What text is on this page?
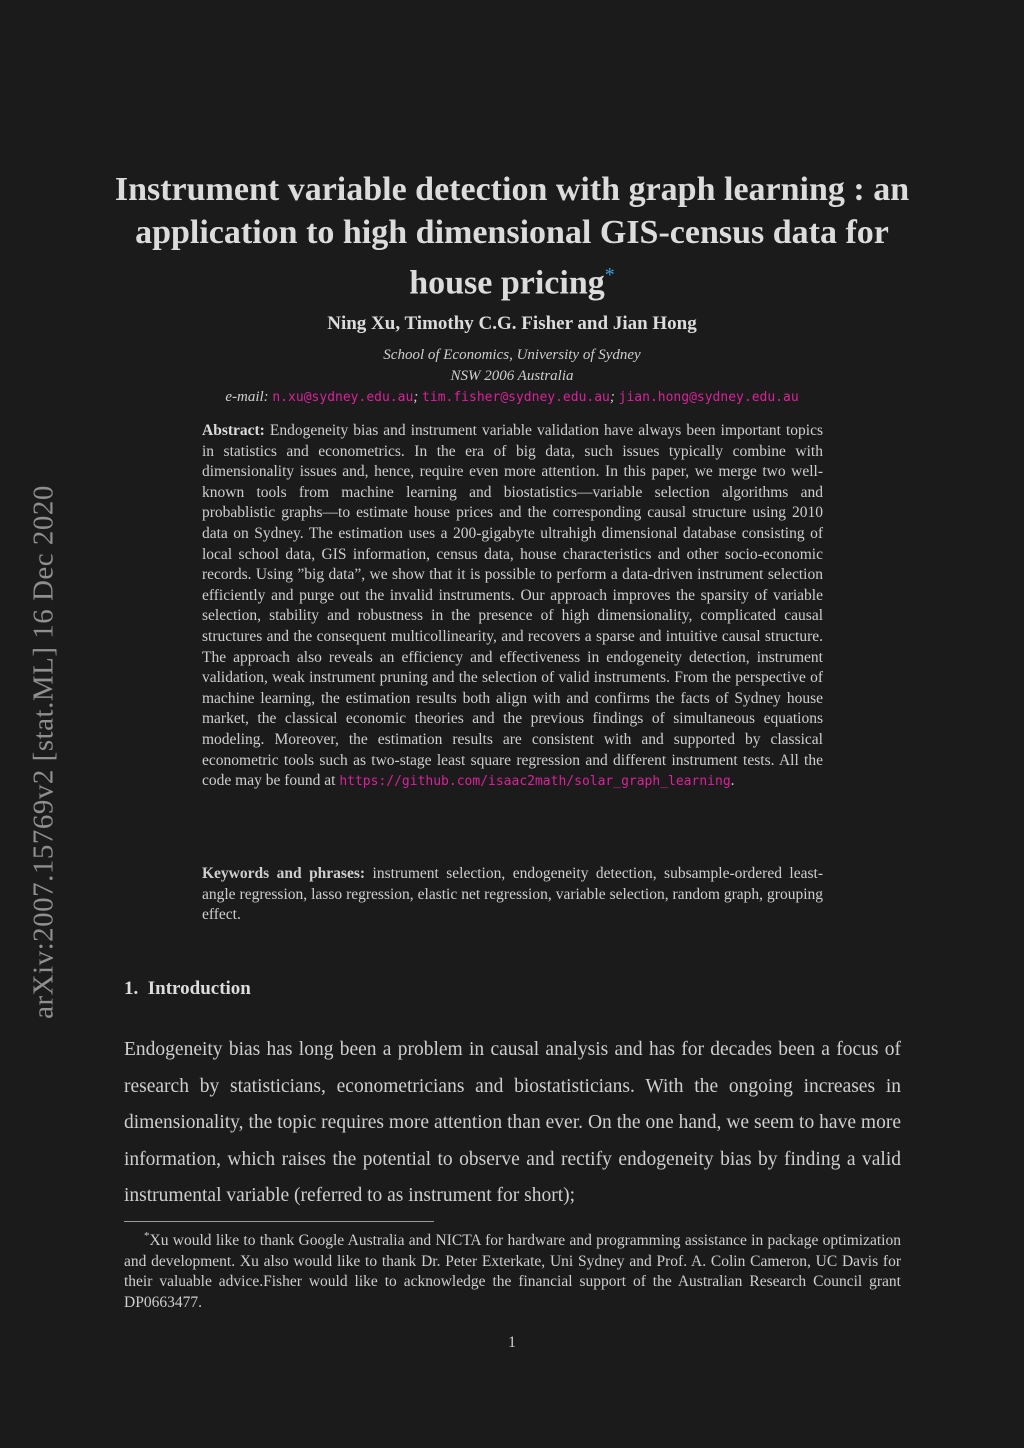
arXiv:2007.15769v2 [stat.ML] 16 Dec 2020
Instrument variable detection with graph learning : an application to high dimensional GIS-census data for house pricing*
Ning Xu, Timothy C.G. Fisher and Jian Hong
School of Economics, University of Sydney
NSW 2006 Australia
e-mail: n.xu@sydney.edu.au; tim.fisher@sydney.edu.au; jian.hong@sydney.edu.au

Abstract: Endogeneity bias and instrument variable validation have always been important topics in statistics and econometrics. In the era of big data, such issues typically combine with dimensionality issues and, hence, require even more attention. In this paper, we merge two well-known tools from machine learning and biostatistics—variable selection algorithms and probablistic graphs—to estimate house prices and the corresponding causal structure using 2010 data on Sydney. The estimation uses a 200-gigabyte ultrahigh dimensional database consisting of local school data, GIS information, census data, house characteristics and other socio-economic records. Using ”big data”, we show that it is possible to perform a data-driven instrument selection efficiently and purge out the invalid instruments. Our approach improves the sparsity of variable selection, stability and robustness in the presence of high dimensionality, complicated causal structures and the consequent multicollinearity, and recovers a sparse and intuitive causal structure. The approach also reveals an efficiency and effectiveness in endogeneity detection, instrument validation, weak instrument pruning and the selection of valid instruments. From the perspective of machine learning, the estimation results both align with and confirms the facts of Sydney house market, the classical economic theories and the previous findings of simultaneous equations modeling. Moreover, the estimation results are consistent with and supported by classical econometric tools such as two-stage least square regression and different instrument tests. All the code may be found at https://github.com/isaac2math/solar_graph_learning.

Keywords and phrases: instrument selection, endogeneity detection, subsample-ordered least-angle regression, lasso regression, elastic net regression, variable selection, random graph, grouping effect.

1. Introduction

Endogeneity bias has long been a problem in causal analysis and has for decades been a focus of research by statisticians, econometricians and biostatisticians. With the ongoing increases in dimensionality, the topic requires more attention than ever. On the one hand, we seem to have more information, which raises the potential to observe and rectify endogeneity bias by finding a valid instrumental variable (referred to as instrument for short);

*Xu would like to thank Google Australia and NICTA for hardware and programming assistance in package optimization and development. Xu also would like to thank Dr. Peter Exterkate, Uni Sydney and Prof. A. Colin Cameron, UC Davis for their valuable advice.Fisher would like to acknowledge the financial support of the Australian Research Council grant DP0663477.

1
